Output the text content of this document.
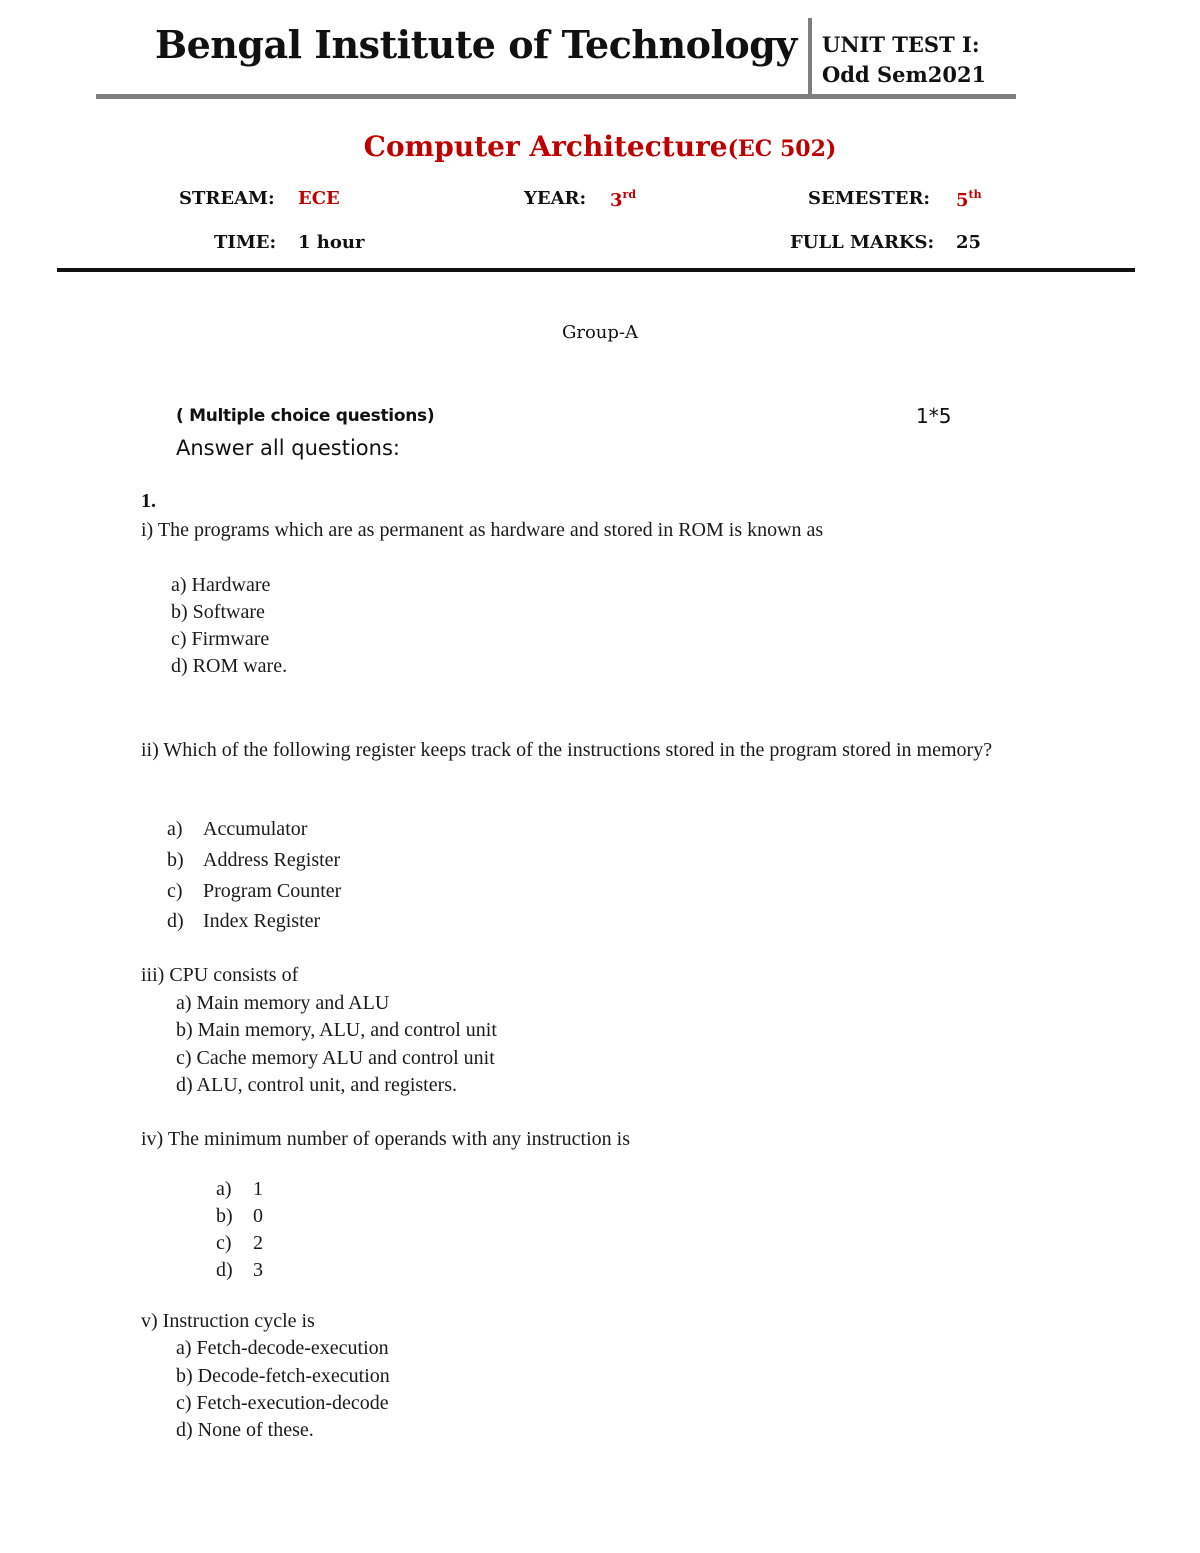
Bengal Institute of Technology UNIT TEST I:
Odd Sem2021
Computer Architecture(EC 502)
STREAM: ECE	YEAR: 3rd	SEMESTER: 5th
TIME: 1 hour	FULL MARKS: 25
Group-A
( Multiple choice questions)	1*5
Answer all questions:
1.
i) The programs which are as permanent as hardware and stored in ROM is known as
a) Hardware
b) Software
c) Firmware
d) ROM ware.
ii) Which of the following register keeps track of the instructions stored in the program stored in memory?
a) Accumulator
b) Address Register
c) Program Counter
d) Index Register
iii) CPU consists of
a) Main memory and ALU
b) Main memory, ALU, and control unit
c) Cache memory ALU and control unit
d) ALU, control unit, and registers.
iv) The minimum number of operands with any instruction is
a) 1
b) 0
c) 2
d) 3
v) Instruction cycle is
a) Fetch-decode-execution
b) Decode-fetch-execution
c) Fetch-execution-decode
d) None of these.
